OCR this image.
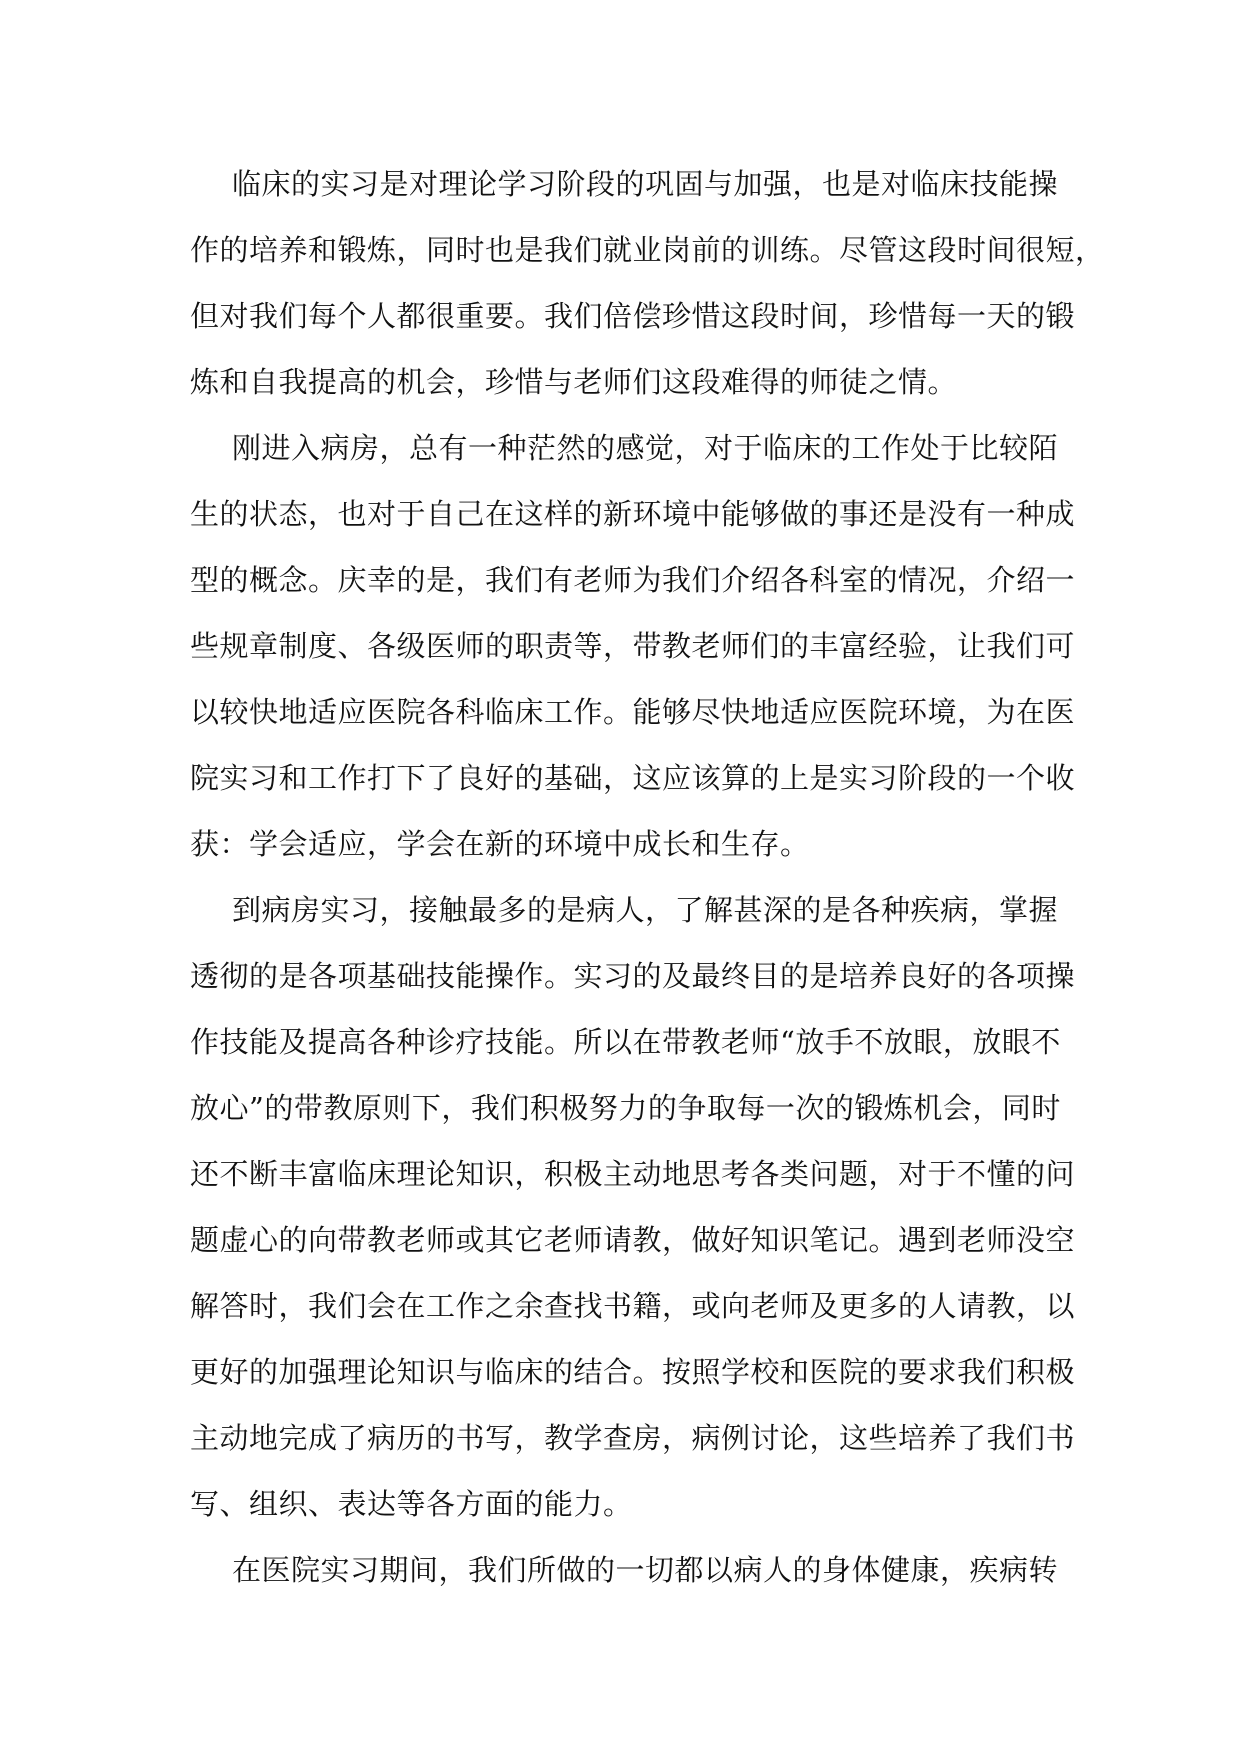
临床的实习是对理论学习阶段的巩固与加强，也是对临床技能操
作的培养和锻炼，同时也是我们就业岗前的训练。尽管这段时间很短，
但对我们每个人都很重要。我们倍偿珍惜这段时间，珍惜每一天的锻
炼和自我提高的机会，珍惜与老师们这段难得的师徒之情。
刚进入病房，总有一种茫然的感觉，对于临床的工作处于比较陌
生的状态，也对于自己在这样的新环境中能够做的事还是没有一种成
型的概念。庆幸的是，我们有老师为我们介绍各科室的情况，介绍一
些规章制度、各级医师的职责等，带教老师们的丰富经验，让我们可
以较快地适应医院各科临床工作。能够尽快地适应医院环境，为在医
院实习和工作打下了良好的基础，这应该算的上是实习阶段的一个收
获：学会适应，学会在新的环境中成长和生存。
到病房实习，接触最多的是病人，了解甚深的是各种疾病，掌握
透彻的是各项基础技能操作。实习的及最终目的是培养良好的各项操
作技能及提高各种诊疗技能。所以在带教老师“放手不放眼，放眼不
放心”的带教原则下，我们积极努力的争取每一次的锻炼机会，同时
还不断丰富临床理论知识，积极主动地思考各类问题，对于不懂的问
题虚心的向带教老师或其它老师请教，做好知识笔记。遇到老师没空
解答时，我们会在工作之余查找书籍，或向老师及更多的人请教，以
更好的加强理论知识与临床的结合。按照学校和医院的要求我们积极
主动地完成了病历的书写，教学查房，病例讨论，这些培养了我们书
写、组织、表达等各方面的能力。
在医院实习期间，我们所做的一切都以病人的身体健康，疾病转
